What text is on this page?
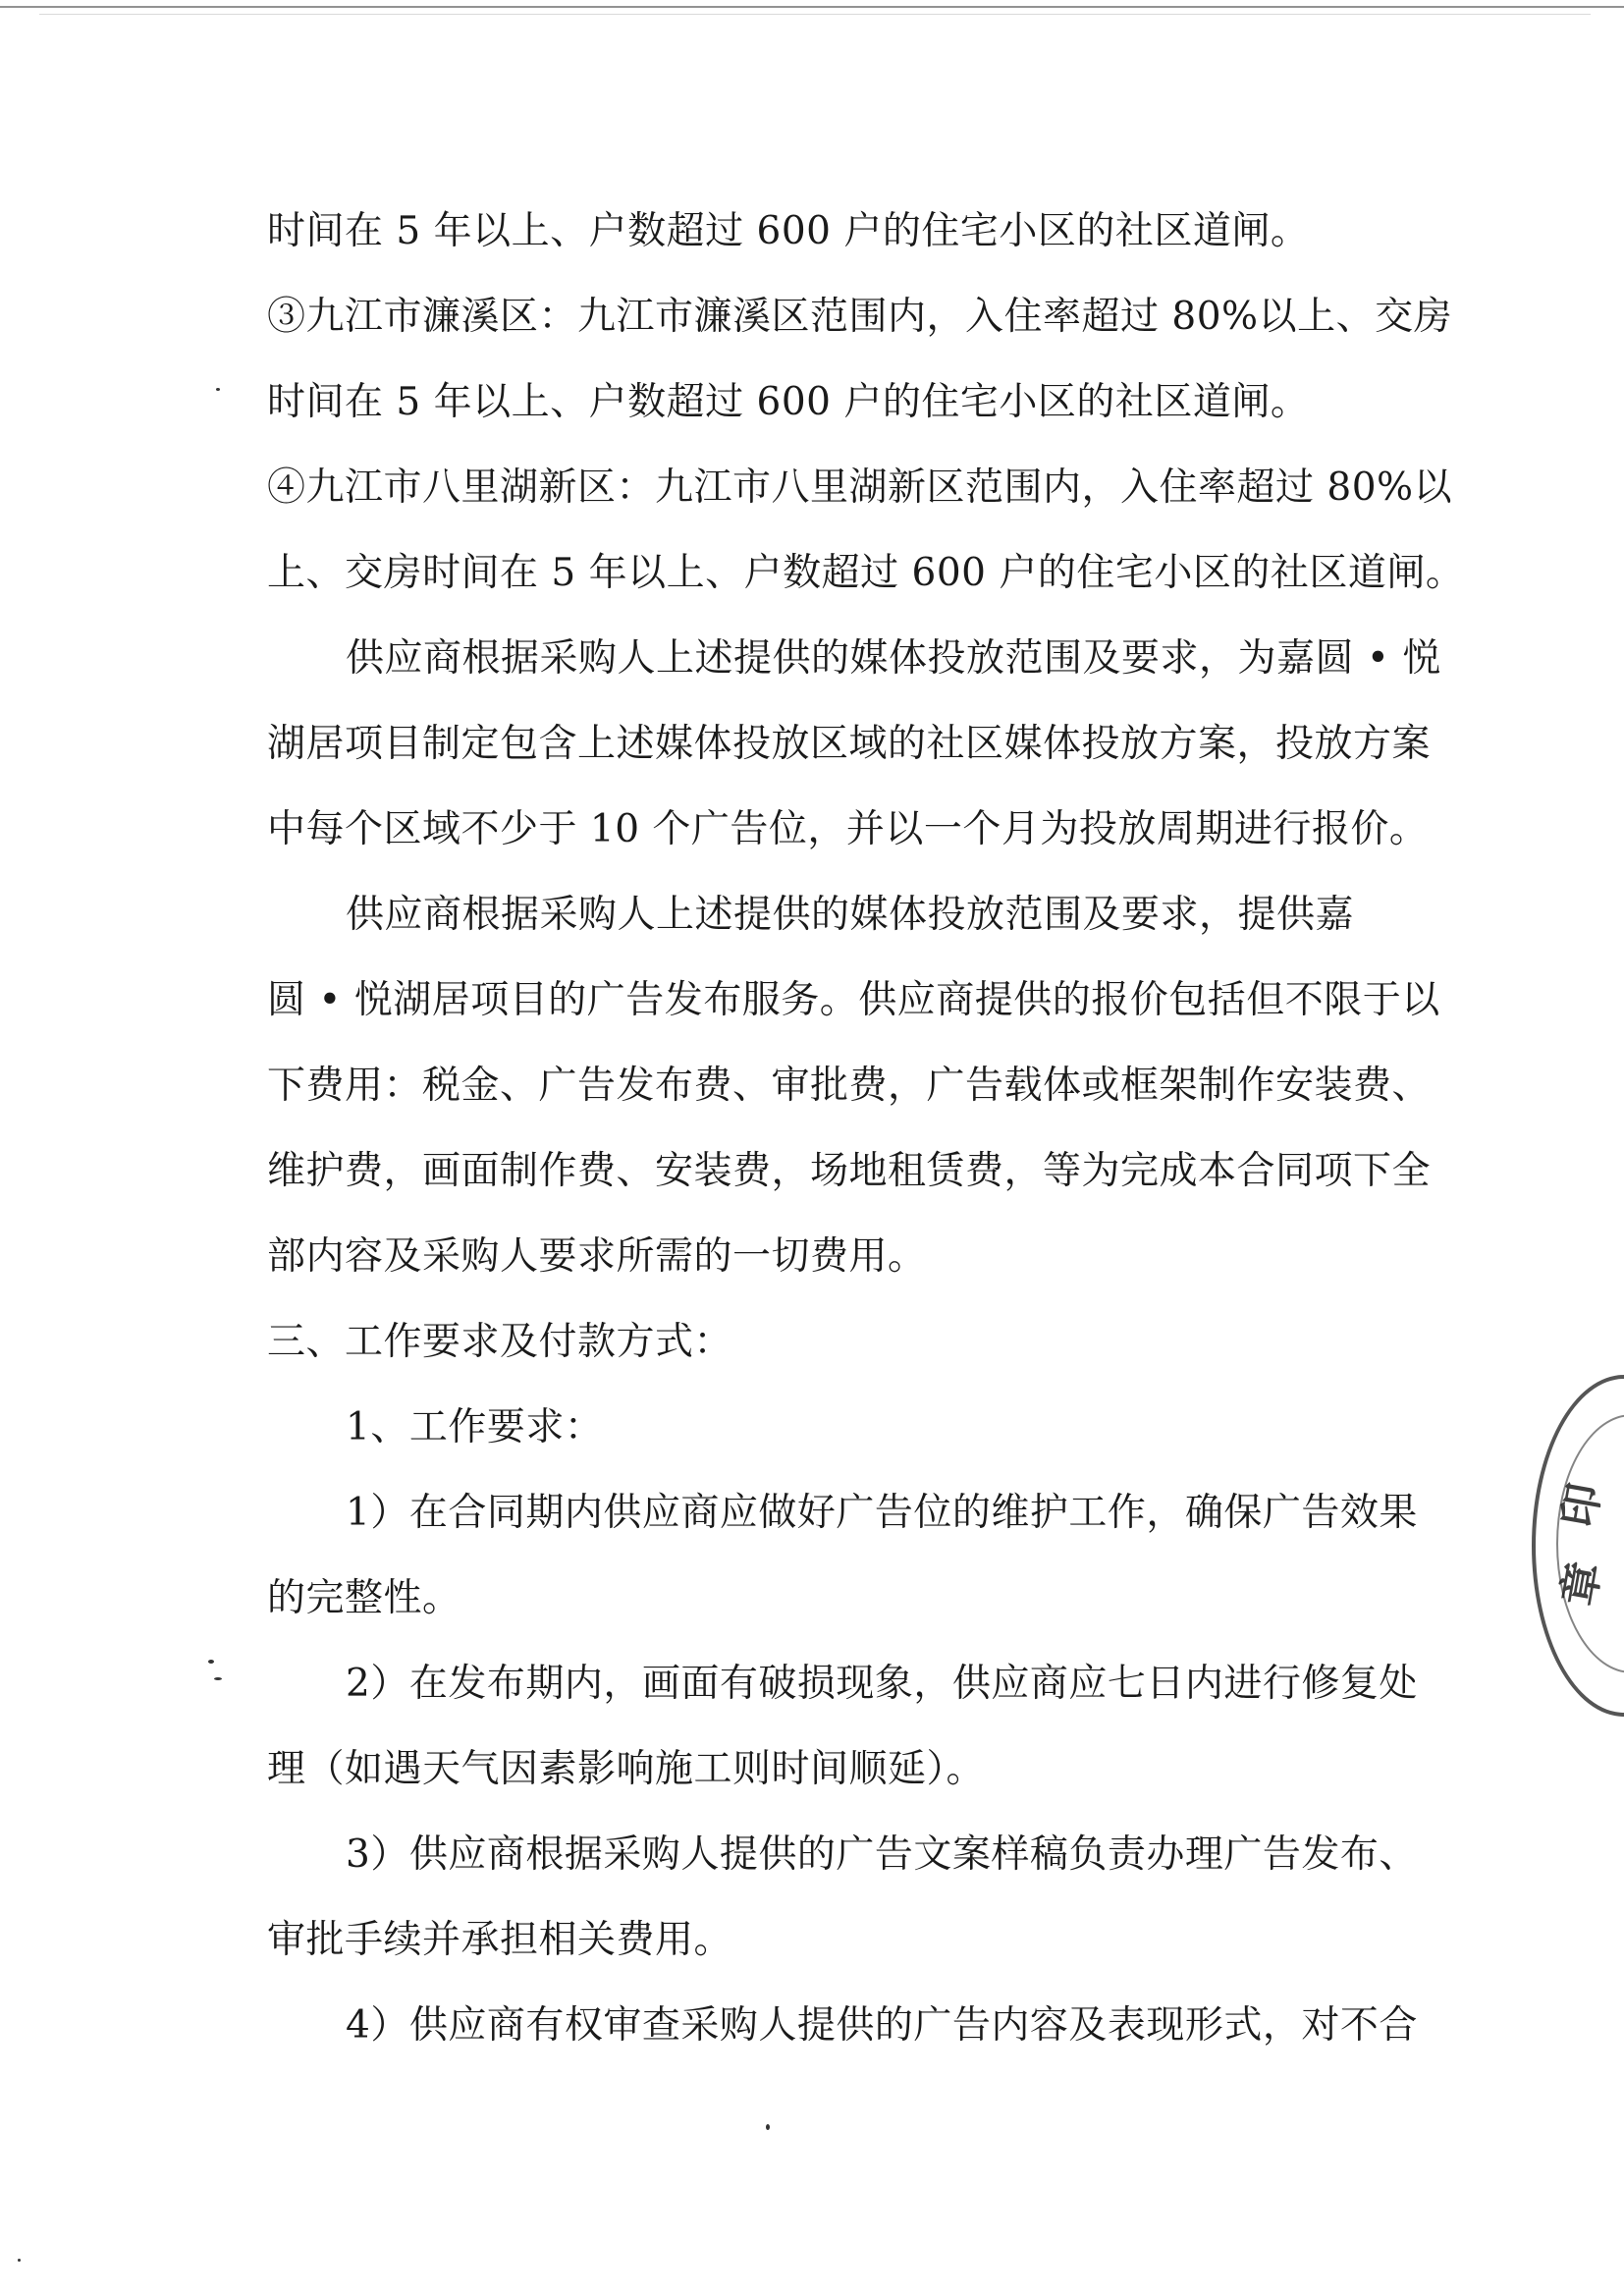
时间在 5 年以上、户数超过 600 户的住宅小区的社区道闸。
③九江市濂溪区：九江市濂溪区范围内，入住率超过 80%以上、交房
时间在 5 年以上、户数超过 600 户的住宅小区的社区道闸。
④九江市八里湖新区：九江市八里湖新区范围内，入住率超过 80%以
上、交房时间在 5 年以上、户数超过 600 户的住宅小区的社区道闸。
供应商根据采购人上述提供的媒体投放范围及要求，为嘉圆 • 悦
湖居项目制定包含上述媒体投放区域的社区媒体投放方案，投放方案
中每个区域不少于 10 个广告位，并以一个月为投放周期进行报价。
供应商根据采购人上述提供的媒体投放范围及要求，提供嘉
圆 • 悦湖居项目的广告发布服务。供应商提供的报价包括但不限于以
下费用：税金、广告发布费、审批费，广告载体或框架制作安装费、
维护费，画面制作费、安装费，场地租赁费，等为完成本合同项下全
部内容及采购人要求所需的一切费用。
三、工作要求及付款方式：
1、工作要求：
1）在合同期内供应商应做好广告位的维护工作，确保广告效果
的完整性。
2）在发布期内，画面有破损现象，供应商应七日内进行修复处
理（如遇天气因素影响施工则时间顺延）。
3）供应商根据采购人提供的广告文案样稿负责办理广告发布、
审批手续并承担相关费用。
4）供应商有权审查采购人提供的广告内容及表现形式，对不合
印
章
